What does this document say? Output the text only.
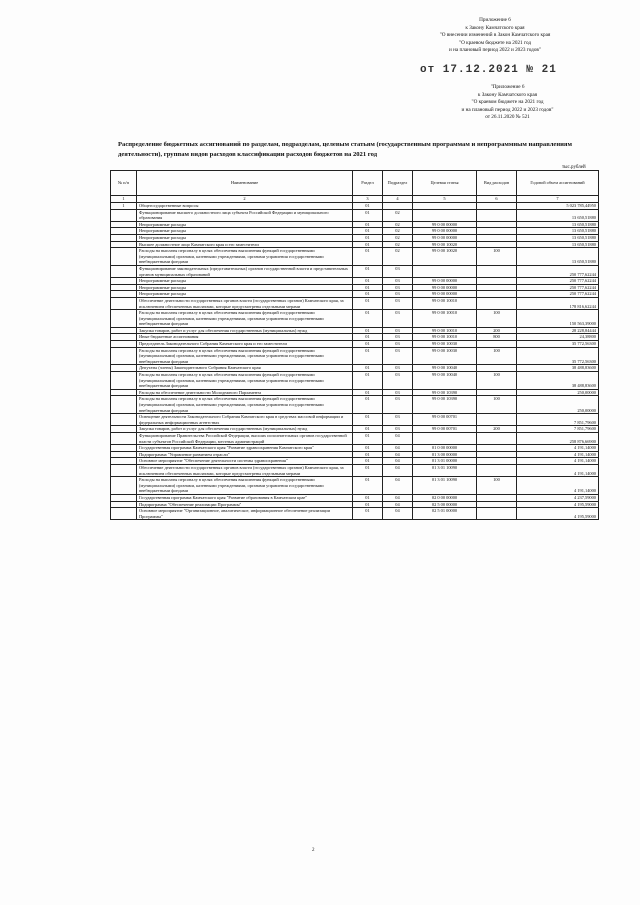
Приложение 6
к Закону Камчатского края
"О внесении изменений в Закон Камчатского края
"О краевом бюджете на 2021 год
и на плановый период 2022 и 2023 годов"
от 17.12.2021 № 21
"Приложение 6
к Закону Камчатского края
"О краевом бюджете на 2021 год
и на плановый период 2022 и 2023 годов"
от 26.11.2020 № 521
Распределение бюджетных ассигнований по разделам, подразделам, целевым статьям (государственным программам и непрограммным направлениям деятельности), группам видов расходов классификации расходов бюджетов на 2021 год
тыс.рублей
№ п/п	Наименование	Раздел	Подраздел	Целевая статья	Вид расходов	Годовой объем ассигнований
1	2	3	4	5	6	7
1	Общегосударственные вопросы	01				5 023 785,44950
	Функционирование высшего должностного лица субъекта Российской Федерации и муниципального образования	01	02			13 650,51880
	Непрограммные расходы	01	02	99 0 00 00000		13 650,51880
	Непрограммные расходы	01	02	99 0 00 00000		13 650,51880
	Непрограммные расходы	01	02	99 0 00 00000		13 650,51880
	Высшее должностное лицо Камчатского края и его заместители	01	02	99 0 00 10020		13 650,51880
	Расходы на выплаты персоналу в целях обеспечения выполнения функций государственными (муниципальными) органами, казенными учреждениями, органами управления государственными внебюджетными фондами	01	02	99 0 00 10020	100	13 650,51880
	Функционирование законодательных (представительных) органов государственной власти и представительных органов муниципальных образований	01	03			250 777,62244
	Непрограммные расходы	01	03	99 0 00 00000		250 777,62244
	Непрограммные расходы	01	03	99 0 00 00000		250 777,62244
	Непрограммные расходы	01	03	99 0 00 00000		250 777,62244
	Обеспечение деятельности государственных органов власти (государственных органов) Камчатского края, за исключением обеспеченных выплатами, которые предусмотрены отдельными мерами	01	03	99 0 00 10010		178 816,62244
	Расходы на выплаты персоналу в целях обеспечения выполнения функций государственными (муниципальными) органами, казенными учреждениями, органами управления государственными внебюджетными фондами	01	03	99 0 00 10010	100	150 563,39000
	Закупка товаров, работ и услуг для обеспечения государственных (муниципальных) нужд	01	03	99 0 00 10010	200	28 228,84444
	Иные бюджетные ассигнования	01	03	99 0 00 10010	800	24,38800
	Председатель Законодательного Собрания Камчатского края и его заместители	01	03	99 0 00 10030		35 772,56300
	Расходы на выплаты персоналу в целях обеспечения выполнения функций государственными (муниципальными) органами, казенными учреждениями, органами управления государственными внебюджетными фондами	01	03	99 0 00 10030	100	35 772,56300
	Депутаты (члены) Законодательного Собрания Камчатского края	01	03	99 0 00 10040		38 488,83600
	Расходы на выплаты персоналу в целях обеспечения выполнения функций государственными (муниципальными) органами, казенными учреждениями, органами управления государственными внебюджетными фондами	01	03	99 0 00 10040	100	38 488,83600
	Расходы на обеспечение деятельности Молодежного Парламента	01	03	99 0 00 10390		250,00000
	Расходы на выплаты персоналу в целях обеспечения выполнения функций государственными (муниципальными) органами, казенными учреждениями, органами управления государственными внебюджетными фондами	01	03	99 0 00 10390	100	250,00000
	Освещение деятельности Законодательного Собрания Камчатского края в средствах массовой информации и федеральных информационных агентствах	01	03	99 0 00 00701		7 851,79600
	Закупка товаров, работ и услуг для обеспечения государственных (муниципальных) нужд	01	03	99 0 00 00701	200	7 851,79600
	Функционирование Правительства Российской Федерации, высших исполнительных органов государственной власти субъектов Российской Федерации, местных администраций	01	04			258 876,66900
	Государственная программа Камчатского края "Развитие здравоохранения Камчатского края"	01	04	01 0 00 00000		4 191,14000
	Подпрограмма "Управление развитием отрасли"	01	04	01 3 00 00000		4 191,14000
	Основное мероприятие "Обеспечение деятельности системы здравоохранения"	01	04	01 3 01 00000		4 191,14000
	Обеспечение деятельности государственных органов власти (государственных органов) Камчатского края, за исключением обеспеченных выплатами, которые предусмотрены отдельными мерами	01	04	01 3 01 10090		4 191,14000
	Расходы на выплаты персоналу в целях обеспечения выполнения функций государственными (муниципальными) органами, казенными учреждениями, органами управления государственными внебюджетными фондами	01	04	01 3 01 10090	100	4 191,14000
	Государственная программа Камчатского края "Развитие образования в Камчатском крае"	01	04	02 0 00 00000		4 237,59000
	Подпрограмма "Обеспечение реализации Программы"	01	04	02 5 00 00000		4 195,59000
	Основное мероприятие "Организационное, аналитическое, информационное обеспечение реализации Программы"	01	04	02 5 01 00000		4 195,59000
2
